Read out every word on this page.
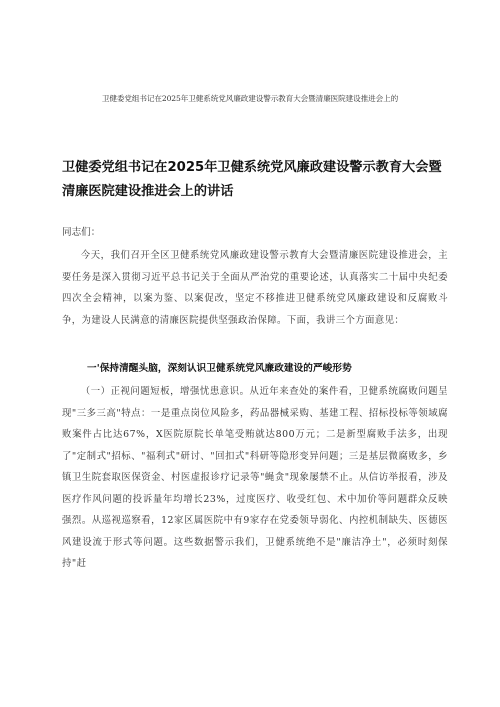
卫健委党组书记在2025年卫健系统党风廉政建设警示教育大会暨清廉医院建设推进会上的
卫健委党组书记在2025年卫健系统党风廉政建设警示教育大会暨清廉医院建设推进会上的讲话
同志们：

今天，我们召开全区卫健系统党风廉政建设警示教育大会暨清廉医院建设推进会，主要任务是深入贯彻习近平总书记关于全面从严治党的重要论述，认真落实二十届中央纪委四次全会精神，以案为鉴、以案促改，坚定不移推进卫健系统党风廉政建设和反腐败斗争，为建设人民满意的清廉医院提供坚强政治保障。下面，我讲三个方面意见：

一'保持清醒头脑，深刻认识卫健系统党风廉政建设的严峻形势

（一）正视问题短板，增强忧患意识。从近年来查处的案件看，卫健系统腐败问题呈现"三多三高"特点：一是重点岗位风险多，药品器械采购、基建工程、招标投标等领域腐败案件占比达67%，X医院原院长单笔受贿就达800万元；二是新型腐败手法多，出现了"定制式"招标、"福利式"研讨、"回扣式"科研等隐形变异问题；三是基层微腐败多，乡镇卫生院套取医保资金、村医虚报诊疗记录等"蝇贪"现象屡禁不止。从信访举报看，涉及医疗作风问题的投诉量年均增长23%，过度医疗、收受红包、术中加价等问题群众反映强烈。从巡视巡察看，12家区属医院中有9家存在党委领导弱化、内控机制缺失、医德医风建设流于形式等问题。这些数据警示我们，卫健系统绝不是"廉洁净土"，必须时刻保持"赶
